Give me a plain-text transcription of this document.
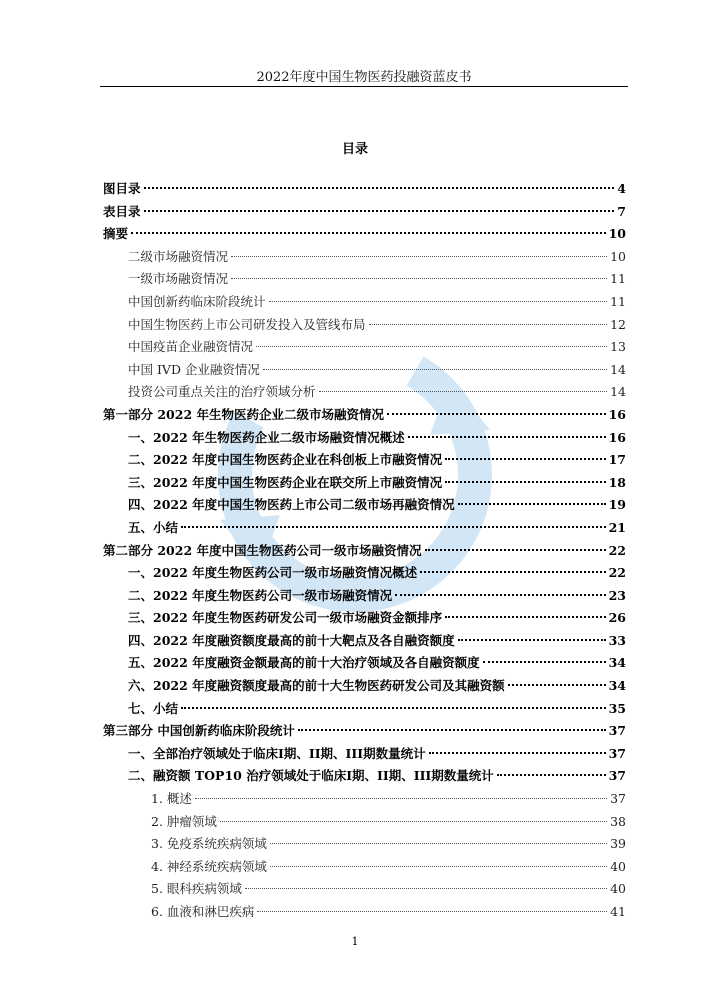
2022年度中国生物医药投融资蓝皮书
目录
图目录	4
表目录	7
摘要	10
二级市场融资情况	10
一级市场融资情况	11
中国创新药临床阶段统计	11
中国生物医药上市公司研发投入及管线布局	12
中国疫苗企业融资情况	13
中国 IVD 企业融资情况	14
投资公司重点关注的治疗领域分析	14
第一部分 2022 年生物医药企业二级市场融资情况	16
一、2022 年生物医药企业二级市场融资情况概述	16
二、2022 年度中国生物医药企业在科创板上市融资情况	17
三、2022 年度中国生物医药企业在联交所上市融资情况	18
四、2022 年度中国生物医药上市公司二级市场再融资情况	19
五、小结	21
第二部分 2022 年度中国生物医药公司一级市场融资情况	22
一、2022 年度生物医药公司一级市场融资情况概述	22
二、2022 年度生物医药公司一级市场融资情况	23
三、2022 年度生物医药研发公司一级市场融资金额排序	26
四、2022 年度融资额度最高的前十大靶点及各自融资额度	33
五、2022 年度融资金额最高的前十大治疗领域及各自融资额度	34
六、2022 年度融资额度最高的前十大生物医药研发公司及其融资额	34
七、小结	35
第三部分 中国创新药临床阶段统计	37
一、全部治疗领域处于临床I期、II期、III期数量统计	37
二、融资额 TOP10 治疗领域处于临床I期、II期、III期数量统计	37
1. 概述	37
2. 肿瘤领域	38
3. 免疫系统疾病领域	39
4. 神经系统疾病领域	40
5. 眼科疾病领域	40
6. 血液和淋巴疾病	41
1
